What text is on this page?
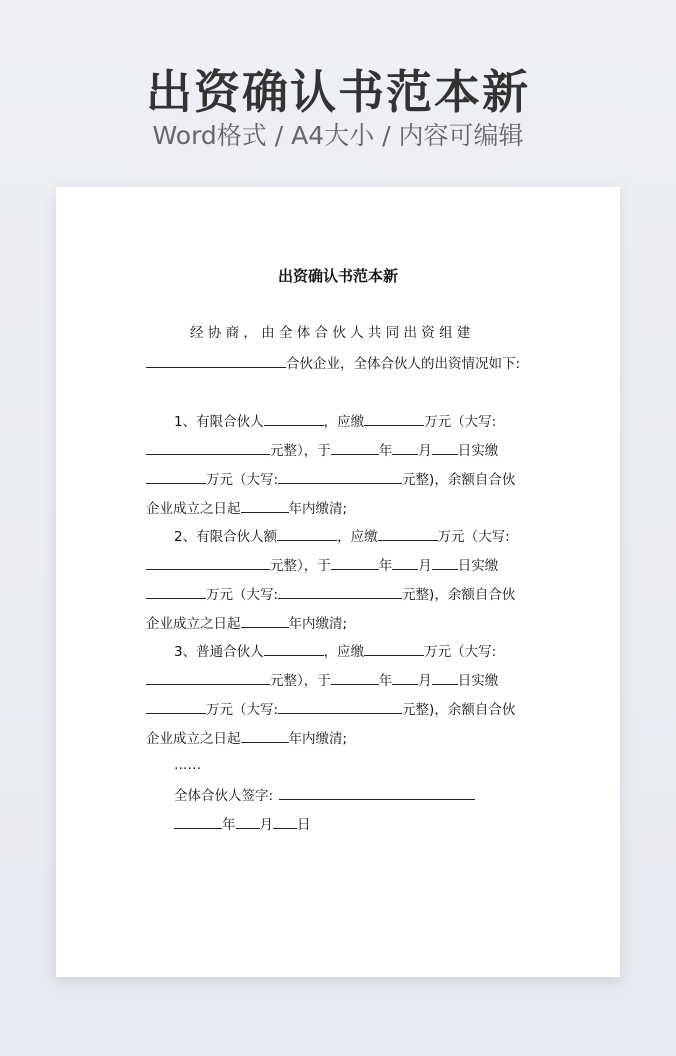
出资确认书范本新
Word格式 / A4大小 / 内容可编辑
出资确认书范本新
经 协 商 ， 由 全 体 合 伙 人 共 同 出 资 组 建
合伙企业，全体合伙人的出资情况如下:
1、有限合伙人	，应缴	万元（大写:
元整），于	年 月 日实缴
万元（大写:	元整)，余额自合伙
企业成立之日起	年内缴清;
2、有限合伙人额	，应缴	万元（大写:
元整），于	年 月 日实缴
万元（大写:	元整)，余额自合伙
企业成立之日起	年内缴清;
3、普通合伙人	，应缴	万元（大写:
元整），于	年 月 日实缴
万元（大写:	元整)，余额自合伙
企业成立之日起	年内缴清;
……
全体合伙人签字:
年 月 日
